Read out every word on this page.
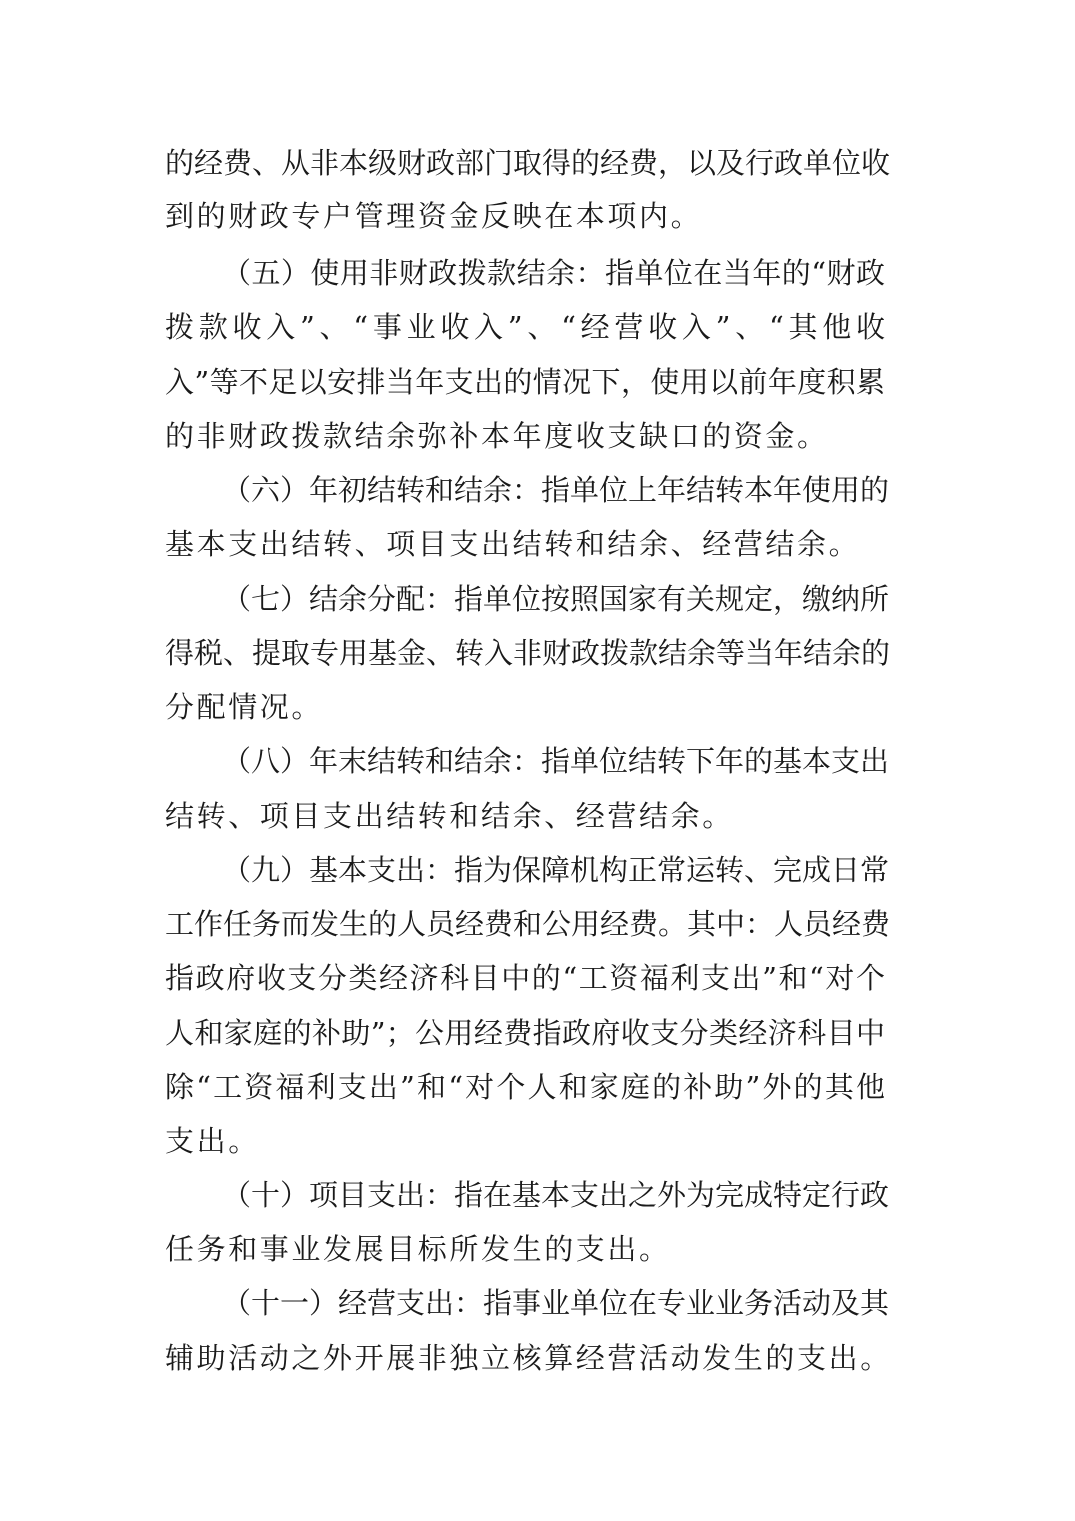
的经费、从非本级财政部门取得的经费，以及行政单位收
到的财政专户管理资金反映在本项内。
（五）使用非财政拨款结余：指单位在当年的“财政
拨款收入”、“事业收入”、“经营收入”、“其他收
入”等不足以安排当年支出的情况下，使用以前年度积累
的非财政拨款结余弥补本年度收支缺口的资金。
（六）年初结转和结余：指单位上年结转本年使用的
基本支出结转、项目支出结转和结余、经营结余。
（七）结余分配：指单位按照国家有关规定，缴纳所
得税、提取专用基金、转入非财政拨款结余等当年结余的
分配情况。
（八）年末结转和结余：指单位结转下年的基本支出
结转、项目支出结转和结余、经营结余。
（九）基本支出：指为保障机构正常运转、完成日常
工作任务而发生的人员经费和公用经费。其中：人员经费
指政府收支分类经济科目中的“工资福利支出”和“对个
人和家庭的补助”；公用经费指政府收支分类经济科目中
除“工资福利支出”和“对个人和家庭的补助”外的其他
支出。
（十）项目支出：指在基本支出之外为完成特定行政
任务和事业发展目标所发生的支出。
（十一）经营支出：指事业单位在专业业务活动及其
辅助活动之外开展非独立核算经营活动发生的支出。
